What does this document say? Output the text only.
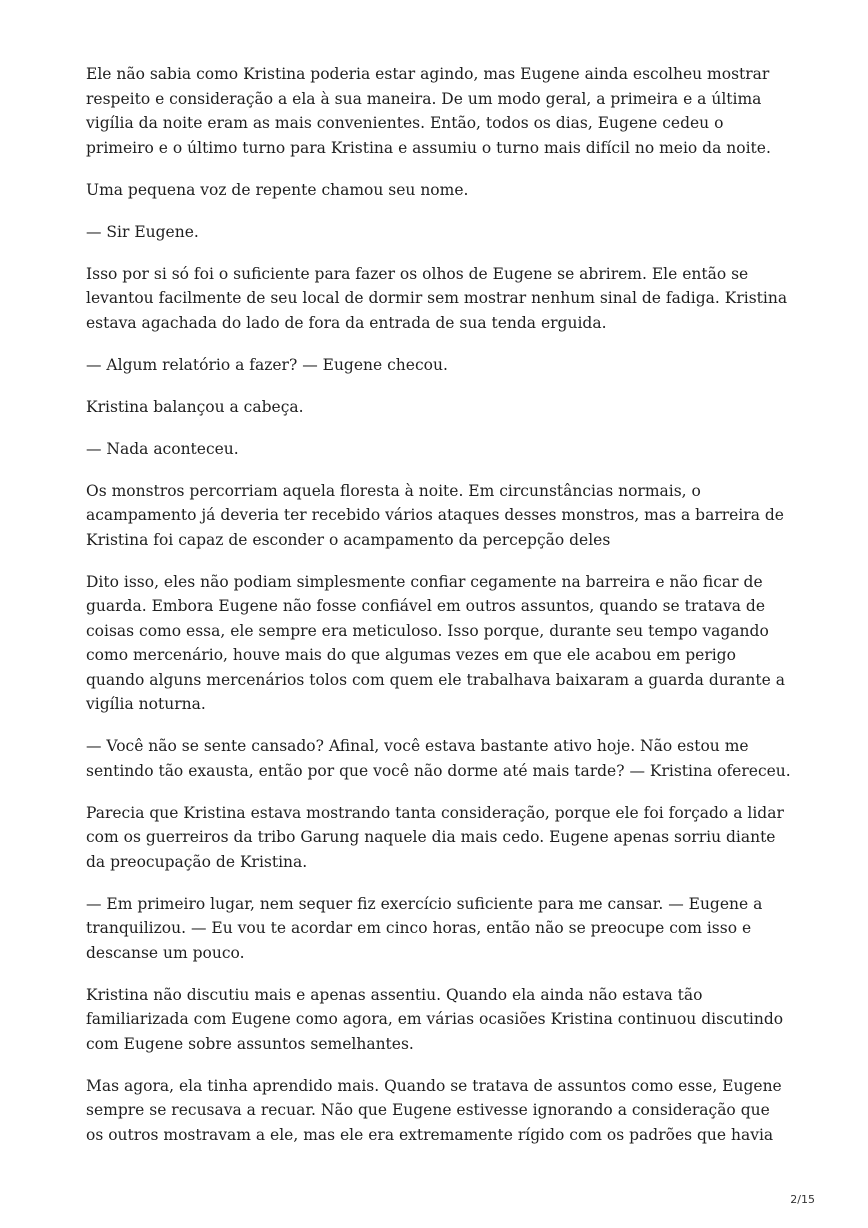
Ele não sabia como Kristina poderia estar agindo, mas Eugene ainda escolheu mostrar respeito e consideração a ela à sua maneira. De um modo geral, a primeira e a última vigília da noite eram as mais convenientes. Então, todos os dias, Eugene cedeu o primeiro e o último turno para Kristina e assumiu o turno mais difícil no meio da noite.

Uma pequena voz de repente chamou seu nome.

— Sir Eugene.

Isso por si só foi o suficiente para fazer os olhos de Eugene se abrirem. Ele então se levantou facilmente de seu local de dormir sem mostrar nenhum sinal de fadiga. Kristina estava agachada do lado de fora da entrada de sua tenda erguida.

— Algum relatório a fazer? — Eugene checou.

Kristina balançou a cabeça.

— Nada aconteceu.

Os monstros percorriam aquela floresta à noite. Em circunstâncias normais, o acampamento já deveria ter recebido vários ataques desses monstros, mas a barreira de Kristina foi capaz de esconder o acampamento da percepção deles

Dito isso, eles não podiam simplesmente confiar cegamente na barreira e não ficar de guarda. Embora Eugene não fosse confiável em outros assuntos, quando se tratava de coisas como essa, ele sempre era meticuloso. Isso porque, durante seu tempo vagando como mercenário, houve mais do que algumas vezes em que ele acabou em perigo quando alguns mercenários tolos com quem ele trabalhava baixaram a guarda durante a vigília noturna.

— Você não se sente cansado? Afinal, você estava bastante ativo hoje. Não estou me sentindo tão exausta, então por que você não dorme até mais tarde? — Kristina ofereceu.

Parecia que Kristina estava mostrando tanta consideração, porque ele foi forçado a lidar com os guerreiros da tribo Garung naquele dia mais cedo. Eugene apenas sorriu diante da preocupação de Kristina.

— Em primeiro lugar, nem sequer fiz exercício suficiente para me cansar. — Eugene a tranquilizou. — Eu vou te acordar em cinco horas, então não se preocupe com isso e descanse um pouco.

Kristina não discutiu mais e apenas assentiu. Quando ela ainda não estava tão familiarizada com Eugene como agora, em várias ocasiões Kristina continuou discutindo com Eugene sobre assuntos semelhantes.

Mas agora, ela tinha aprendido mais. Quando se tratava de assuntos como esse, Eugene sempre se recusava a recuar. Não que Eugene estivesse ignorando a consideração que os outros mostravam a ele, mas ele era extremamente rígido com os padrões que havia

2/15
